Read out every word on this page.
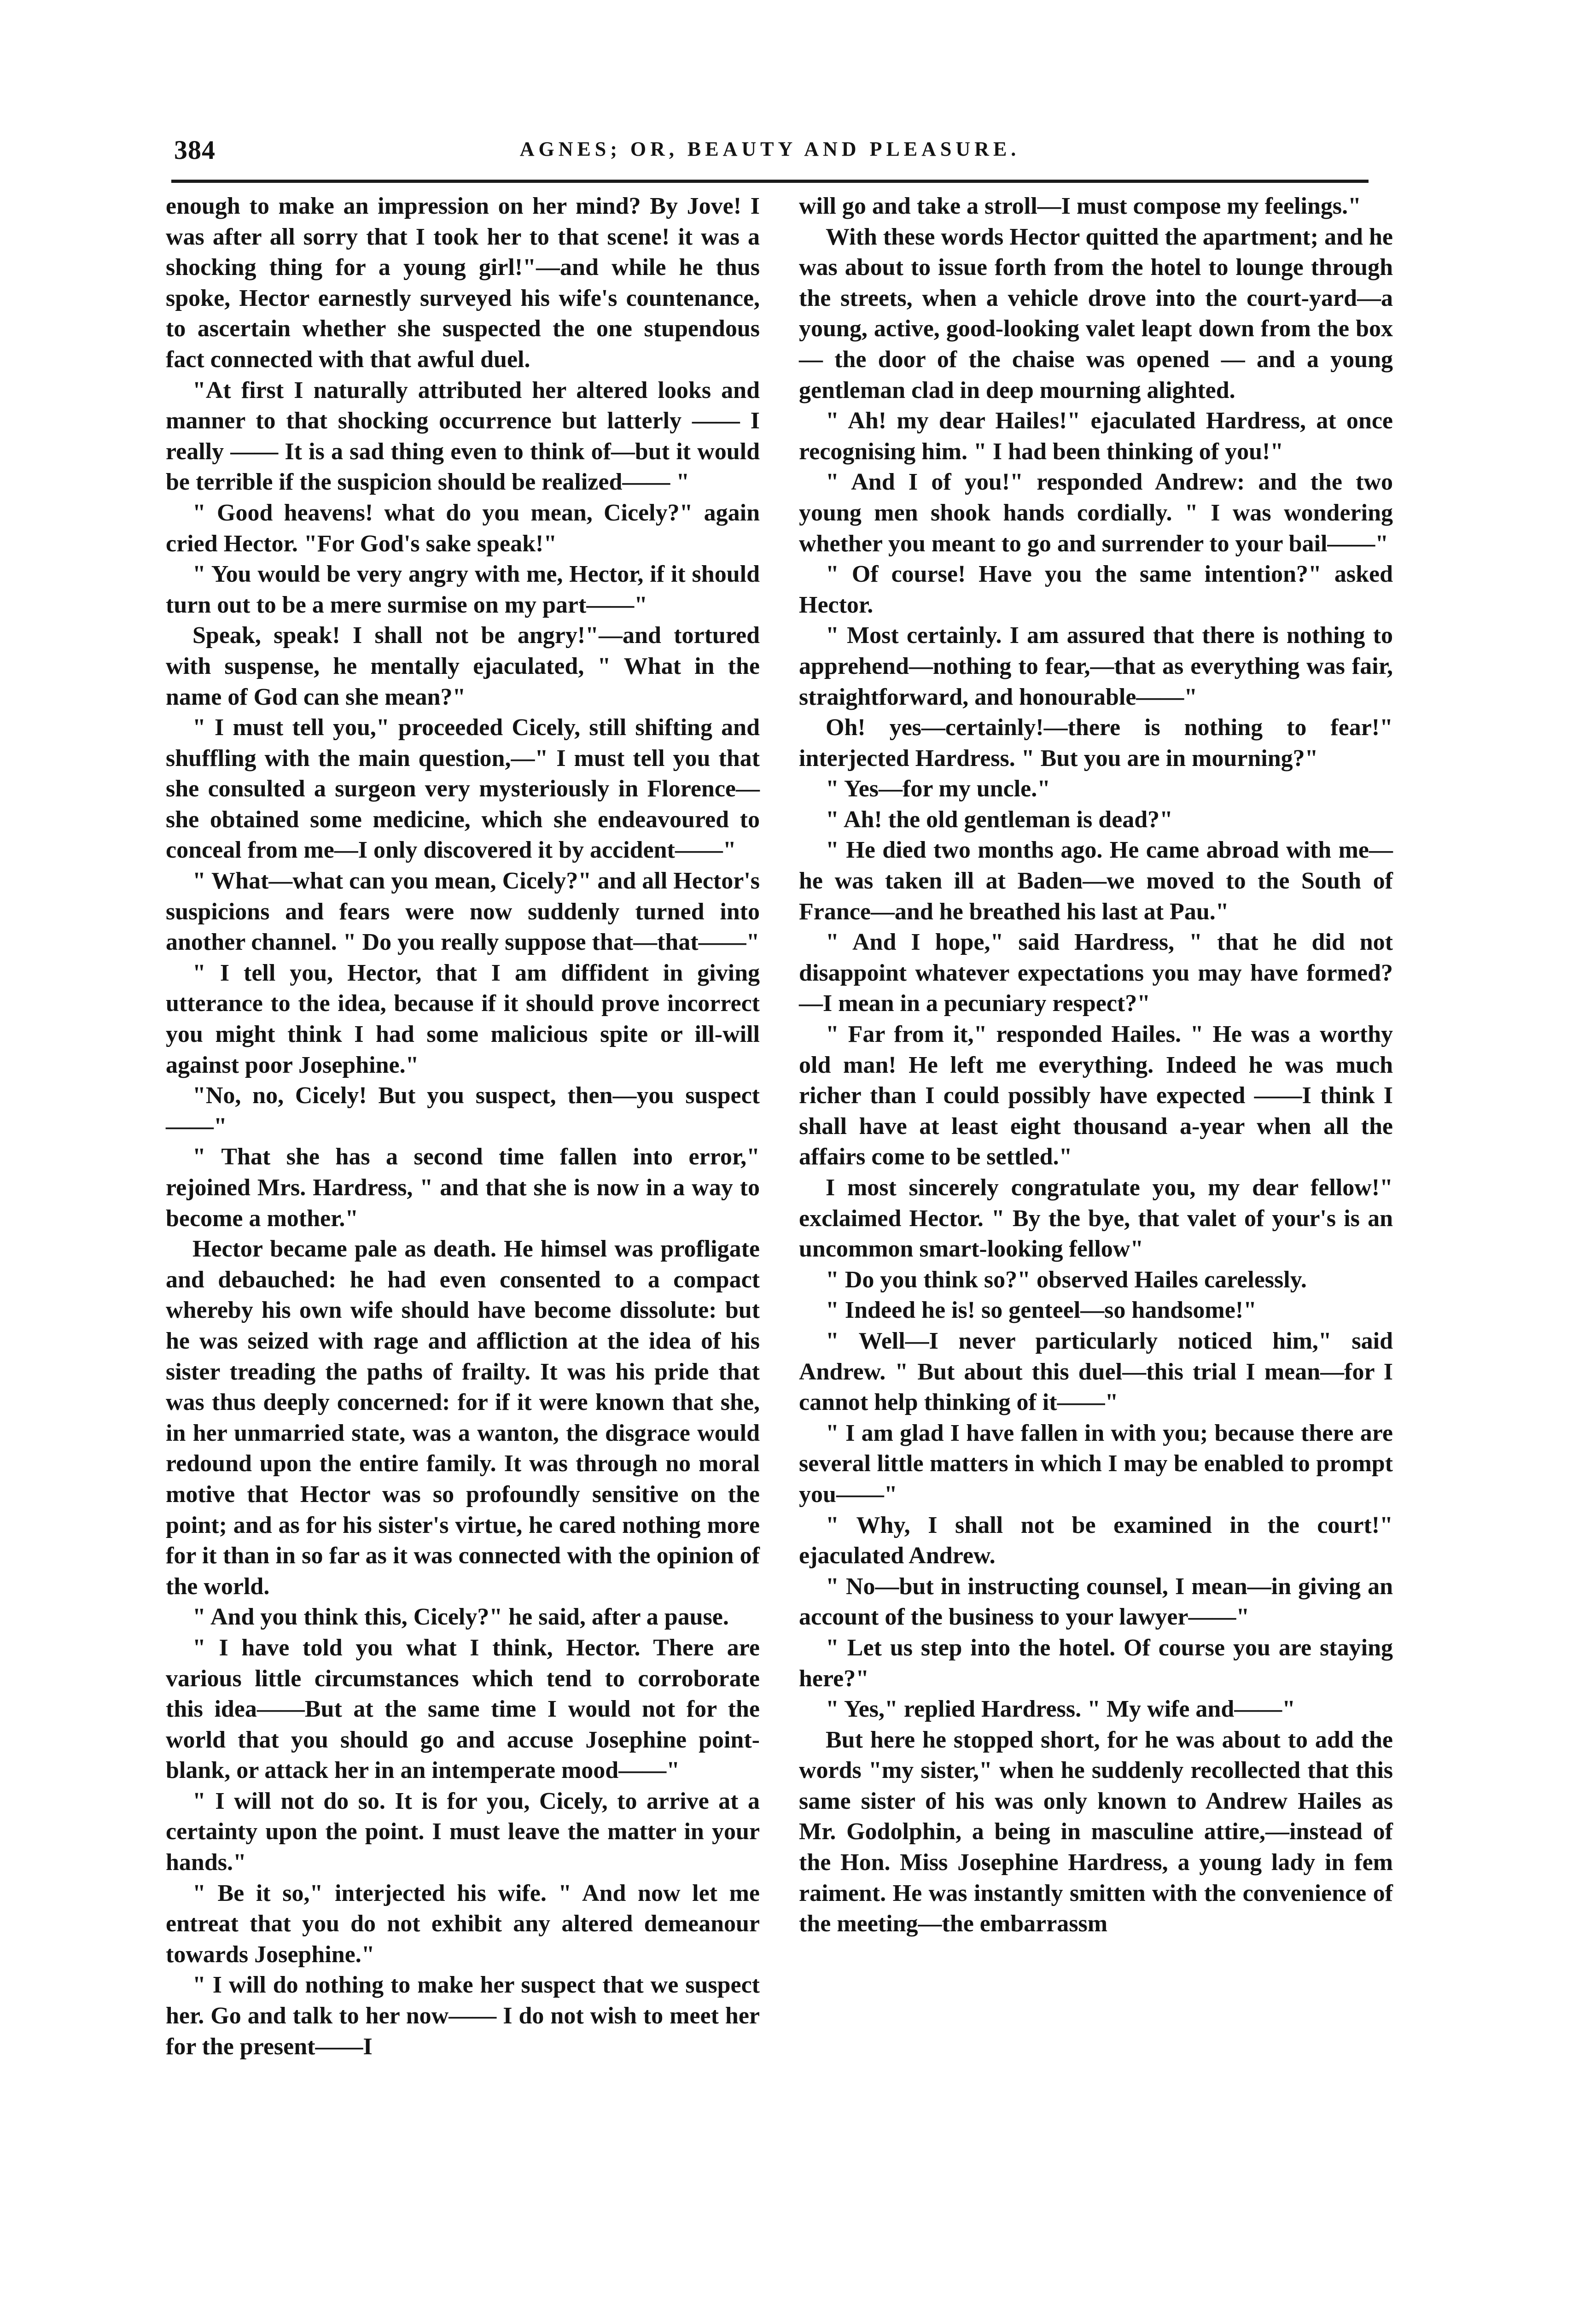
384	AGNES; OR, BEAUTY AND PLEASURE.

enough to make an impression on her mind? By Jove! I was after all sorry that I took her to that scene! it was a shocking thing for a young girl!"—and while he thus spoke, Hector earnestly surveyed his wife's countenance, to ascertain whether she suspected the one stupendous fact connected with that awful duel.

"At first I naturally attributed her altered looks and manner to that shocking occurrence but latterly —— I really —— It is a sad thing even to think of—but it would be terrible if the suspicion should be realized—— "

" Good heavens! what do you mean, Cicely?" again cried Hector. "For God's sake speak!"

" You would be very angry with me, Hector, if it should turn out to be a mere surmise on my part——"

Speak, speak! I shall not be angry!"—and tortured with suspense, he mentally ejaculated, " What in the name of God can she mean?"

" I must tell you," proceeded Cicely, still shifting and shuffling with the main question,—" I must tell you that she consulted a surgeon very mysteriously in Florence—she obtained some medicine, which she endeavoured to conceal from me—I only discovered it by accident——"

" What—what can you mean, Cicely?" and all Hector's suspicions and fears were now suddenly turned into another channel. " Do you really suppose that—that——"

" I tell you, Hector, that I am diffident in giving utterance to the idea, because if it should prove incorrect you might think I had some malicious spite or ill-will against poor Josephine."

"No, no, Cicely! But you suspect, then—you suspect——"

" That she has a second time fallen into error," rejoined Mrs. Hardress, " and that she is now in a way to become a mother."

Hector became pale as death. He himsel was profligate and debauched: he had even consented to a compact whereby his own wife should have become dissolute: but he was seized with rage and affliction at the idea of his sister treading the paths of frailty. It was his pride that was thus deeply concerned: for if it were known that she, in her unmarried state, was a wanton, the disgrace would redound upon the entire family. It was through no moral motive that Hector was so profoundly sensitive on the point; and as for his sister's virtue, he cared nothing more for it than in so far as it was connected with the opinion of the world.

" And you think this, Cicely?" he said, after a pause.

" I have told you what I think, Hector. There are various little circumstances which tend to corroborate this idea——But at the same time I would not for the world that you should go and accuse Josephine point-blank, or attack her in an intemperate mood——"

" I will not do so. It is for you, Cicely, to arrive at a certainty upon the point. I must leave the matter in your hands."

" Be it so," interjected his wife. " And now let me entreat that you do not exhibit any altered demeanour towards Josephine."

" I will do nothing to make her suspect that we suspect her. Go and talk to her now—— I do not wish to meet her for the present——I

will go and take a stroll—I must compose my feelings."

With these words Hector quitted the apartment; and he was about to issue forth from the hotel to lounge through the streets, when a vehicle drove into the court-yard—a young, active, good-looking valet leapt down from the box — the door of the chaise was opened — and a young gentleman clad in deep mourning alighted.

" Ah! my dear Hailes!" ejaculated Hardress, at once recognising him. " I had been thinking of you!"

" And I of you!" responded Andrew: and the two young men shook hands cordially. " I was wondering whether you meant to go and surrender to your bail——"

" Of course! Have you the same intention?" asked Hector.

" Most certainly. I am assured that there is nothing to apprehend—nothing to fear,—that as everything was fair, straightforward, and honourable——"

Oh! yes—certainly!—there is nothing to fear!" interjected Hardress. " But you are in mourning?"

" Yes—for my uncle."

" Ah! the old gentleman is dead?"

" He died two months ago. He came abroad with me—he was taken ill at Baden—we moved to the South of France—and he breathed his last at Pau."

" And I hope," said Hardress, " that he did not disappoint whatever expectations you may have formed?—I mean in a pecuniary respect?"

" Far from it," responded Hailes. " He was a worthy old man! He left me everything. Indeed he was much richer than I could possibly have expected ——I think I shall have at least eight thousand a-year when all the affairs come to be settled."

I most sincerely congratulate you, my dear fellow!" exclaimed Hector. " By the bye, that valet of your's is an uncommon smart-looking fellow"

" Do you think so?" observed Hailes carelessly.

" Indeed he is! so genteel—so handsome!"

" Well—I never particularly noticed him," said Andrew. " But about this duel—this trial I mean—for I cannot help thinking of it——"

" I am glad I have fallen in with you; because there are several little matters in which I may be enabled to prompt you——"

" Why, I shall not be examined in the court!" ejaculated Andrew.

" No—but in instructing counsel, I mean—in giving an account of the business to your lawyer——"

" Let us step into the hotel. Of course you are staying here?"

" Yes," replied Hardress. " My wife and——"

But here he stopped short, for he was about to add the words "my sister," when he suddenly recollected that this same sister of his was only known to Andrew Hailes as Mr. Godolphin, a being in masculine attire,—instead of the Hon. Miss Josephine Hardress, a young lady in fem raiment. He was instantly smitten with the convenience of the meeting—the embarrassm
